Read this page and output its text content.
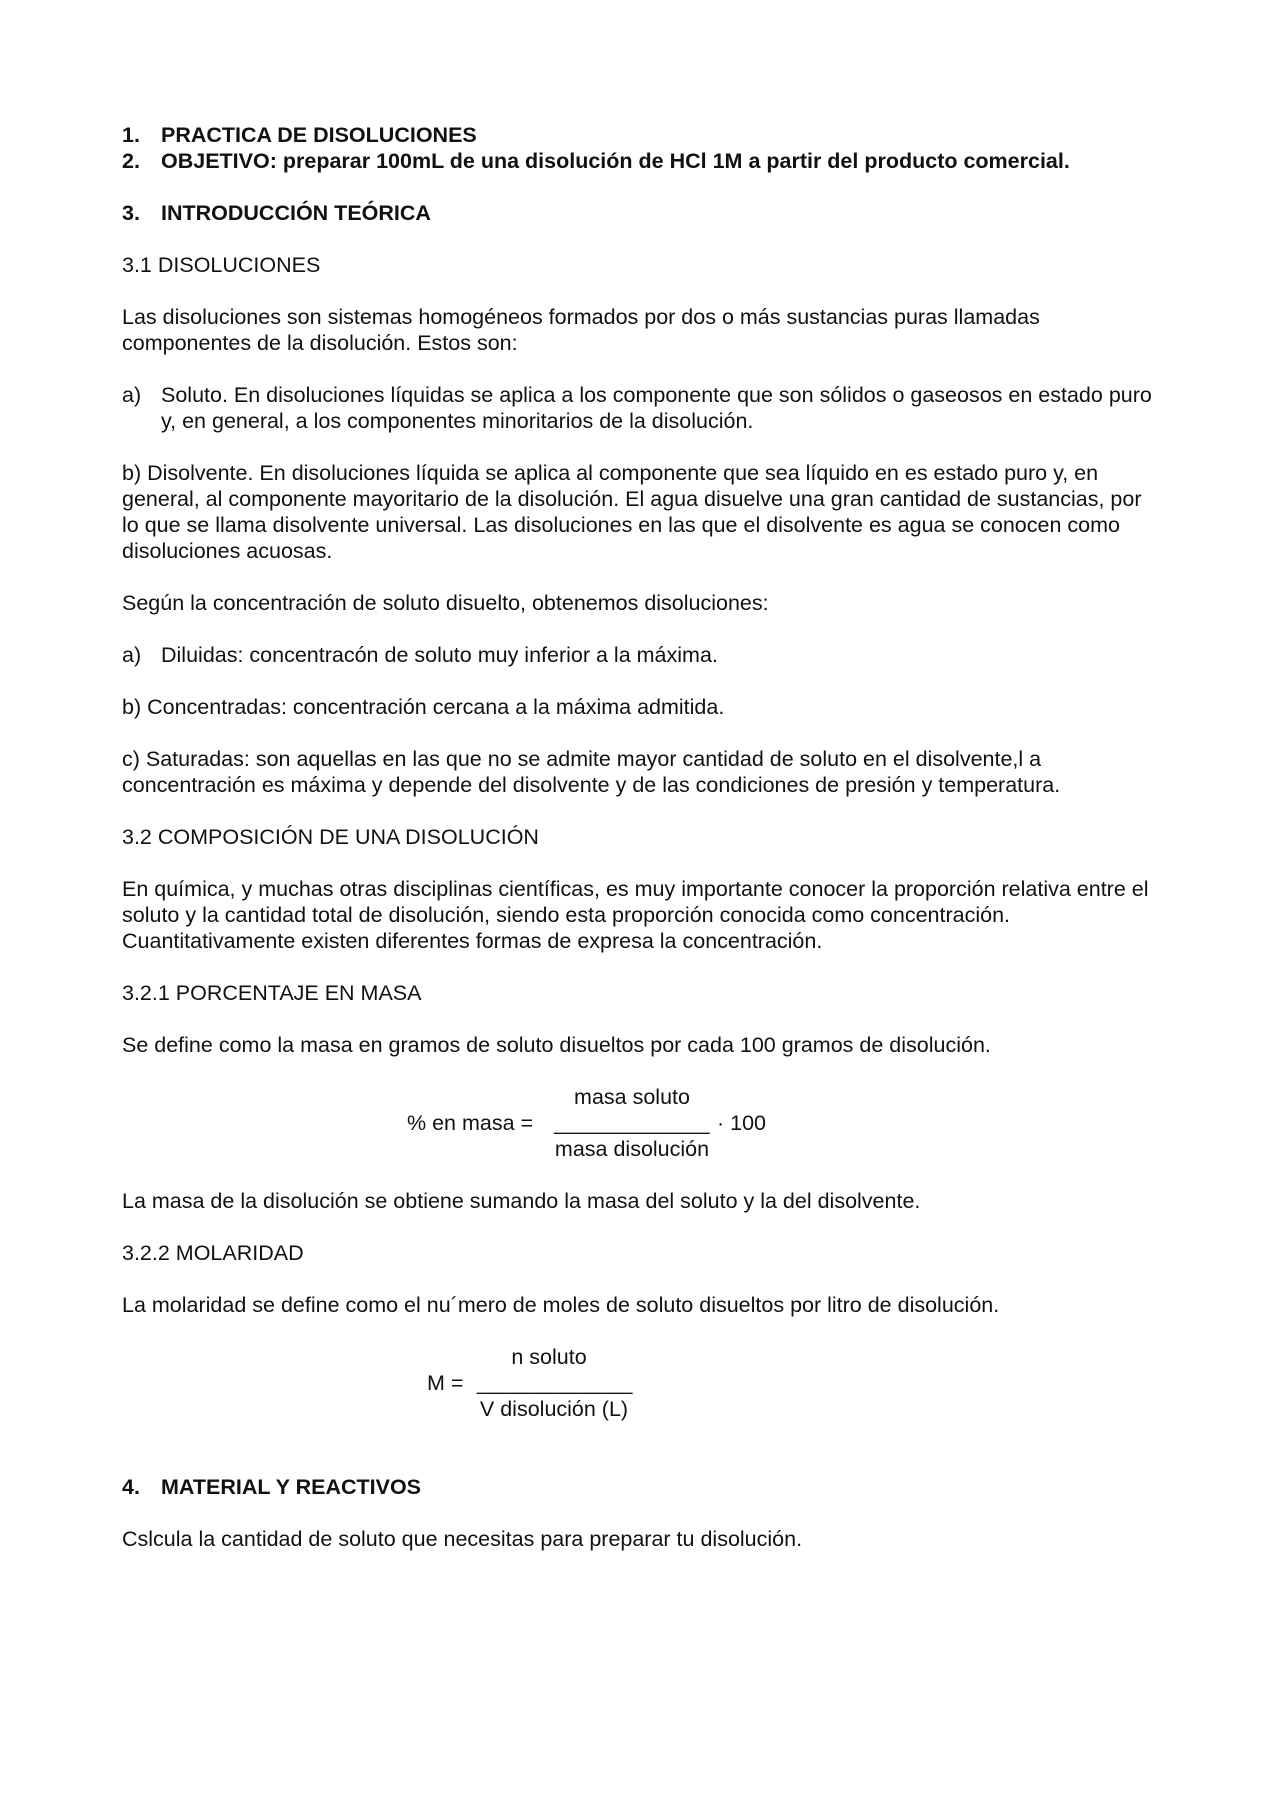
1. PRACTICA DE DISOLUCIONES
2. OBJETIVO: preparar 100mL de una disolución de HCl 1M a partir del producto comercial.
3. INTRODUCCIÓN TEÓRICA

3.1 DISOLUCIONES

Las disoluciones son sistemas homogéneos formados por dos o más sustancias puras llamadas componentes de la disolución. Estos son:

a) Soluto. En disoluciones líquidas se aplica a los componente que son sólidos o gaseosos en estado puro y, en general, a los componentes minoritarios de la disolución.

b) Disolvente. En disoluciones líquida se aplica al componente que sea líquido en es estado puro y, en general, al componente mayoritario de la disolución. El agua disuelve una gran cantidad de sustancias, por lo que se llama disolvente universal. Las disoluciones en las que el disolvente es agua se conocen como disoluciones acuosas.

Según la concentración de soluto disuelto, obtenemos disoluciones:

a) Diluidas: concentracón de soluto muy inferior a la máxima.

b) Concentradas: concentración cercana a la máxima admitida.

c) Saturadas: son aquellas en las que no se admite mayor cantidad de soluto en el disolvente,l a concentración es máxima y depende del disolvente y de las condiciones de presión y temperatura.

3.2 COMPOSICIÓN DE UNA DISOLUCIÓN

En química, y muchas otras disciplinas científicas, es muy importante conocer la proporción relativa entre el soluto y la cantidad total de disolución, siendo esta proporción conocida como concentración. Cuantitativamente existen diferentes formas de expresa la concentración.

3.2.1 PORCENTAJE EN MASA

Se define como la masa en gramos de soluto disueltos por cada 100 gramos de disolución.

masa soluto
% en masa = _____________ · 100
masa disolución

La masa de la disolución se obtiene sumando la masa del soluto y la del disolvente.

3.2.2 MOLARIDAD

La molaridad se define como el nu´mero de moles de soluto disueltos por litro de disolución.

n soluto
M = _____________
V disolución (L)
4. MATERIAL Y REACTIVOS

Cslcula la cantidad de soluto que necesitas para preparar tu disolución.
